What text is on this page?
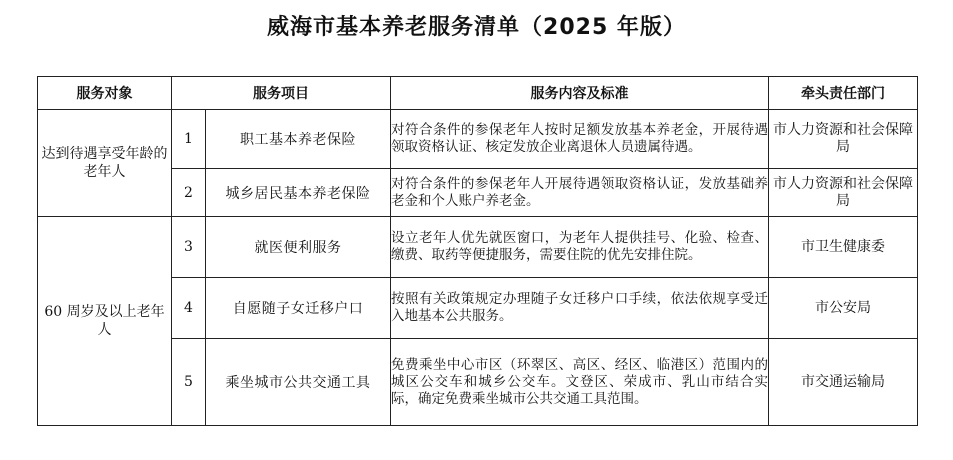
威海市基本养老服务清单（2025 年版）
服务对象	服务项目		服务内容及标准	牵头责任部门
达到待遇享受年龄的老年人	1	职工基本养老保险	对符合条件的参保老年人按时足额发放基本养老金，开展待遇领取资格认证、核定发放企业离退休人员遗属待遇。	市人力资源和社会保障局
	2	城乡居民基本养老保险	对符合条件的参保老年人开展待遇领取资格认证，发放基础养老金和个人账户养老金。	市人力资源和社会保障局
60 周岁及以上老年人	3	就医便利服务	设立老年人优先就医窗口，为老年人提供挂号、化验、检查、缴费、取药等便捷服务，需要住院的优先安排住院。	市卫生健康委
	4	自愿随子女迁移户口	按照有关政策规定办理随子女迁移户口手续，依法依规享受迁入地基本公共服务。	市公安局
	5	乘坐城市公共交通工具	免费乘坐中心市区（环翠区、高区、经区、临港区）范围内的城区公交车和城乡公交车。文登区、荣成市、乳山市结合实际，确定免费乘坐城市公共交通工具范围。	市交通运输局
